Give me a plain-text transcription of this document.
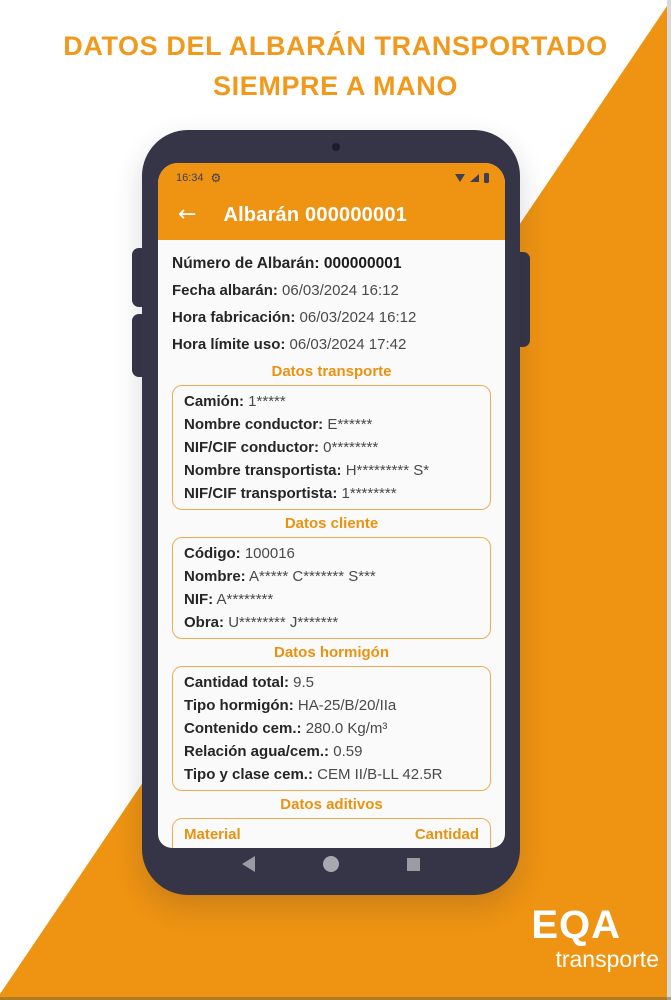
DATOS DEL ALBARÁN TRANSPORTADO
SIEMPRE A MANO
16:34 ⚙
← Albarán 000000001
Número de Albarán: 000000001
Fecha albarán: 06/03/2024 16:12
Hora fabricación: 06/03/2024 16:12
Hora límite uso: 06/03/2024 17:42
Datos transporte
Camión: 1*****
Nombre conductor: E******
NIF/CIF conductor: 0********
Nombre transportista: H********* S*
NIF/CIF transportista: 1********
Datos cliente
Código: 100016
Nombre: A***** C******* S***
NIF: A********
Obra: U******** J*******
Datos hormigón
Cantidad total: 9.5
Tipo hormigón: HA-25/B/20/IIa
Contenido cem.: 280.0 Kg/m³
Relación agua/cem.: 0.59
Tipo y clase cem.: CEM II/B-LL 42.5R
Datos aditivos
Material	Cantidad
EQA
transporte
